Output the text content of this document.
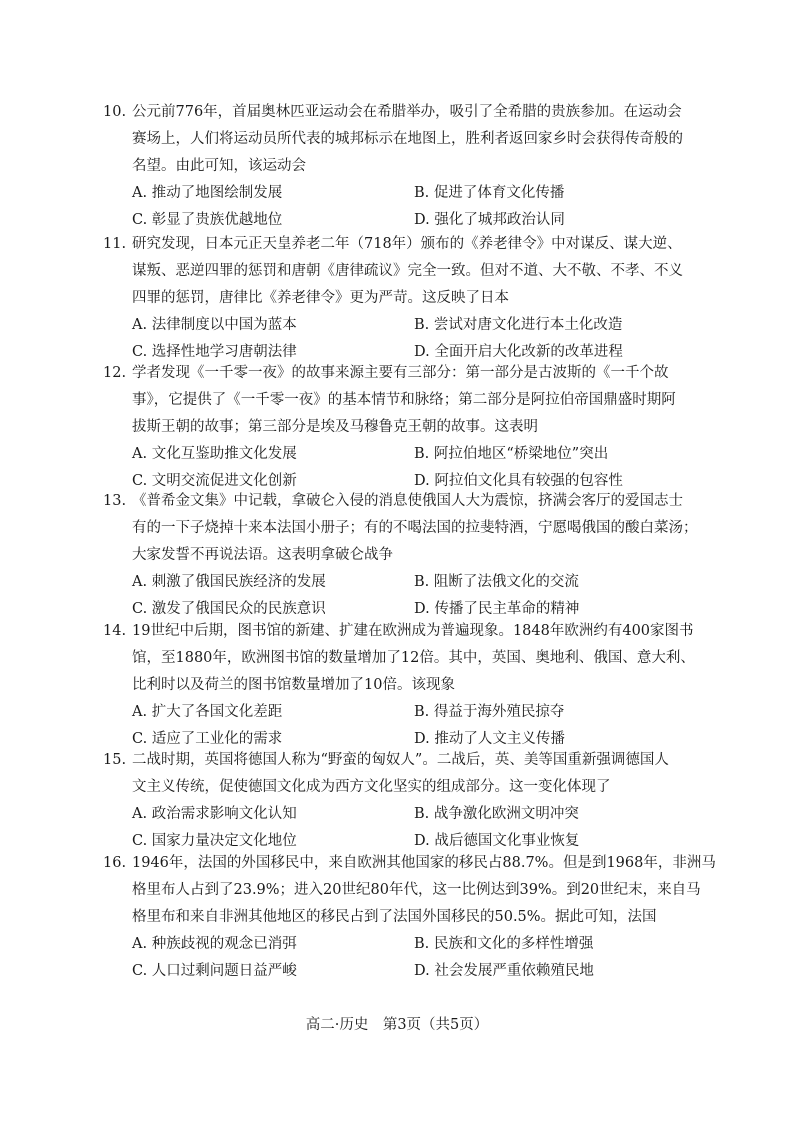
10. 公元前776年，首届奥林匹亚运动会在希腊举办，吸引了全希腊的贵族参加。在运动会
赛场上，人们将运动员所代表的城邦标示在地图上，胜利者返回家乡时会获得传奇般的
名望。由此可知，该运动会
A. 推动了地图绘制发展	B. 促进了体育文化传播
C. 彰显了贵族优越地位	D. 强化了城邦政治认同
11. 研究发现，日本元正天皇养老二年（718年）颁布的《养老律令》中对谋反、谋大逆、
谋叛、恶逆四罪的惩罚和唐朝《唐律疏议》完全一致。但对不道、大不敬、不孝、不义
四罪的惩罚，唐律比《养老律令》更为严苛。这反映了日本
A. 法律制度以中国为蓝本	B. 尝试对唐文化进行本土化改造
C. 选择性地学习唐朝法律	D. 全面开启大化改新的改革进程
12. 学者发现《一千零一夜》的故事来源主要有三部分：第一部分是古波斯的《一千个故
事》，它提供了《一千零一夜》的基本情节和脉络；第二部分是阿拉伯帝国鼎盛时期阿
拔斯王朝的故事；第三部分是埃及马穆鲁克王朝的故事。这表明
A. 文化互鉴助推文化发展	B. 阿拉伯地区“桥梁地位”突出
C. 文明交流促进文化创新	D. 阿拉伯文化具有较强的包容性
13. 《普希金文集》中记载，拿破仑入侵的消息使俄国人大为震惊，挤满会客厅的爱国志士
有的一下子烧掉十来本法国小册子；有的不喝法国的拉斐特酒，宁愿喝俄国的酸白菜汤；
大家发誓不再说法语。这表明拿破仑战争
A. 刺激了俄国民族经济的发展	B. 阻断了法俄文化的交流
C. 激发了俄国民众的民族意识	D. 传播了民主革命的精神
14. 19世纪中后期，图书馆的新建、扩建在欧洲成为普遍现象。1848年欧洲约有400家图书
馆，至1880年，欧洲图书馆的数量增加了12倍。其中，英国、奥地利、俄国、意大利、
比利时以及荷兰的图书馆数量增加了10倍。该现象
A. 扩大了各国文化差距	B. 得益于海外殖民掠夺
C. 适应了工业化的需求	D. 推动了人文主义传播
15. 二战时期，英国将德国人称为“野蛮的匈奴人”。二战后，英、美等国重新强调德国人
文主义传统，促使德国文化成为西方文化坚实的组成部分。这一变化体现了
A. 政治需求影响文化认知	B. 战争激化欧洲文明冲突
C. 国家力量决定文化地位	D. 战后德国文化事业恢复
16. 1946年，法国的外国移民中，来自欧洲其他国家的移民占88.7%。但是到1968年，非洲马
格里布人占到了23.9%；进入20世纪80年代，这一比例达到39%。到20世纪末，来自马
格里布和来自非洲其他地区的移民占到了法国外国移民的50.5%。据此可知，法国
A. 种族歧视的观念已消弭	B. 民族和文化的多样性增强
C. 人口过剩问题日益严峻	D. 社会发展严重依赖殖民地
高二·历史　第3页（共5页）
